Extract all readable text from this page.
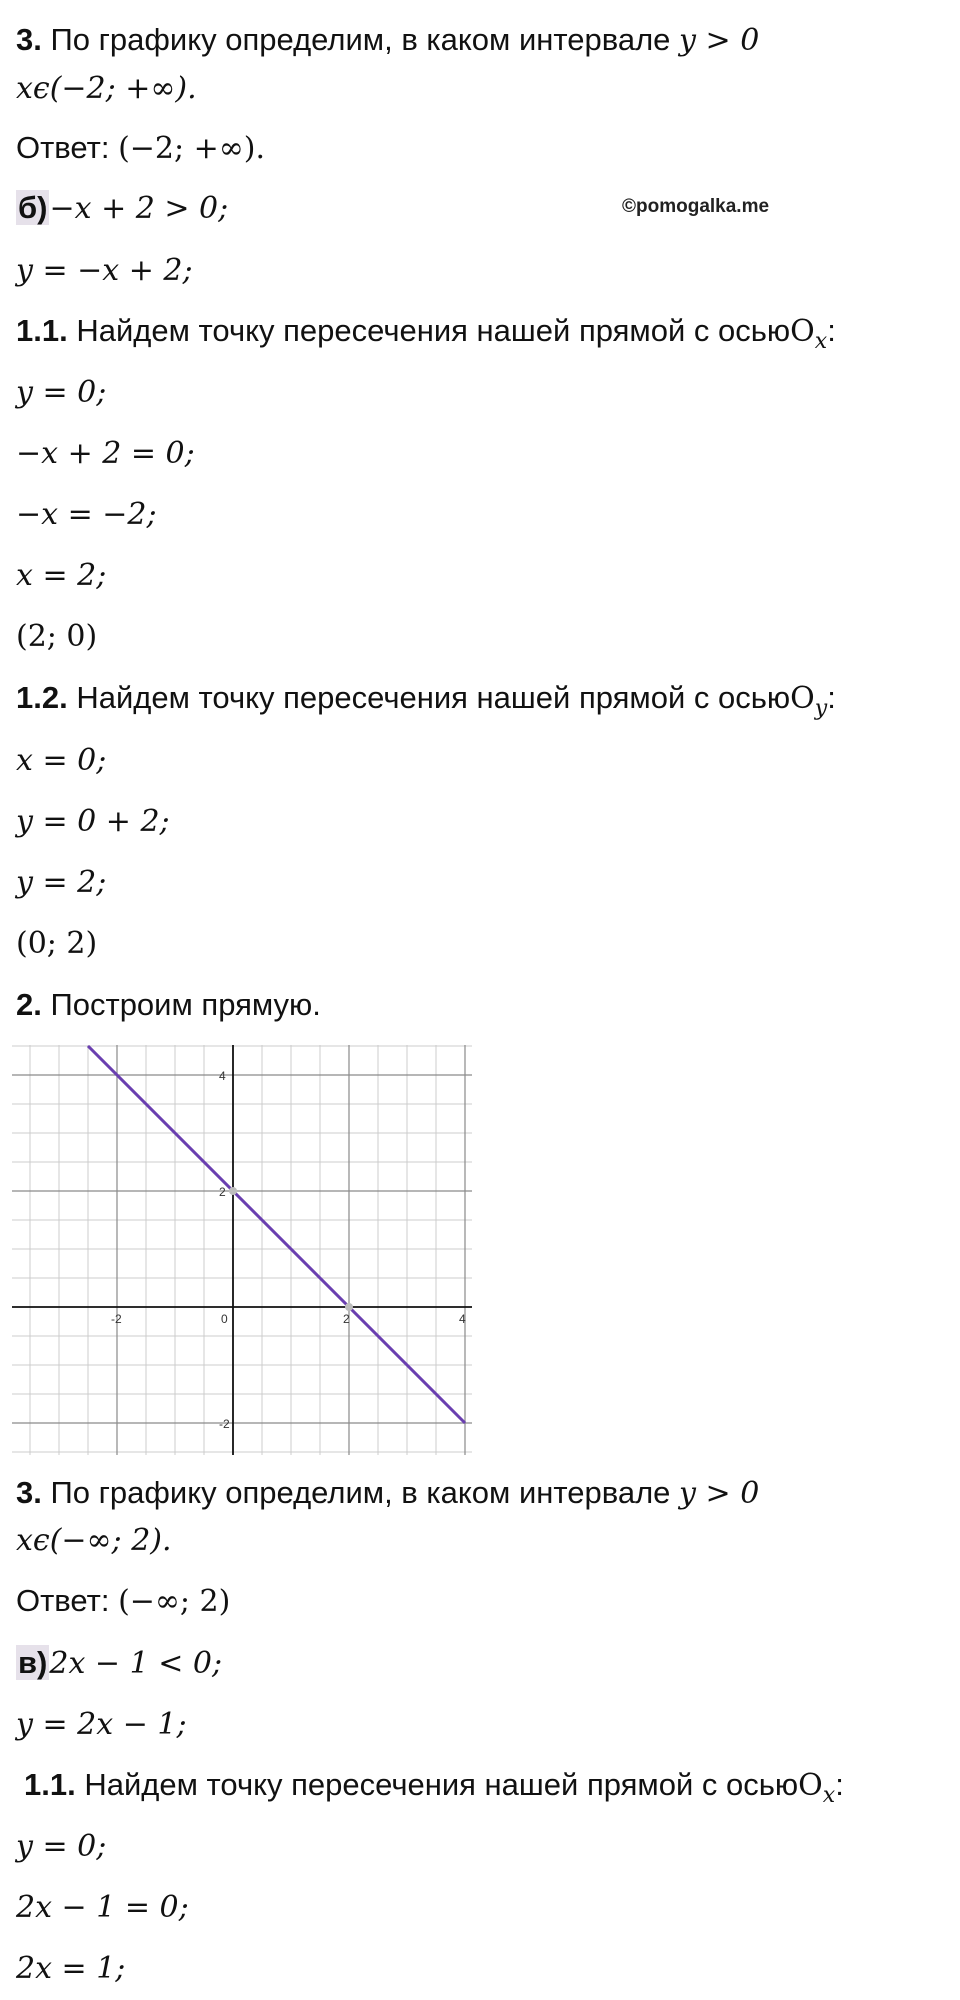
©pomogalka.me
3. По графику определим, в каком интервале y > 0
xϵ(−2; +∞).
Ответ: (−2; +∞).
б)−x + 2 > 0;
y = −x + 2;
1.1. Найдем точку пересечения нашей прямой с осьюO$_x$:
y = 0;
−x + 2 = 0;
−x = −2;
x = 2;
(2; 0)
1.2. Найдем точку пересечения нашей прямой с осьюO$_y$:
x = 0;
y = 0 + 2;
y = 2;
(0; 2)
2. Построим прямую.
-2	0	2	4
4
2
-2
3. По графику определим, в каком интервале y > 0
xϵ(−∞; 2).
Ответ: (−∞; 2)
в)2x − 1 < 0;
y = 2x − 1;
1.1. Найдем точку пересечения нашей прямой с осьюO$_x$:
y = 0;
2x − 1 = 0;
2x = 1;
